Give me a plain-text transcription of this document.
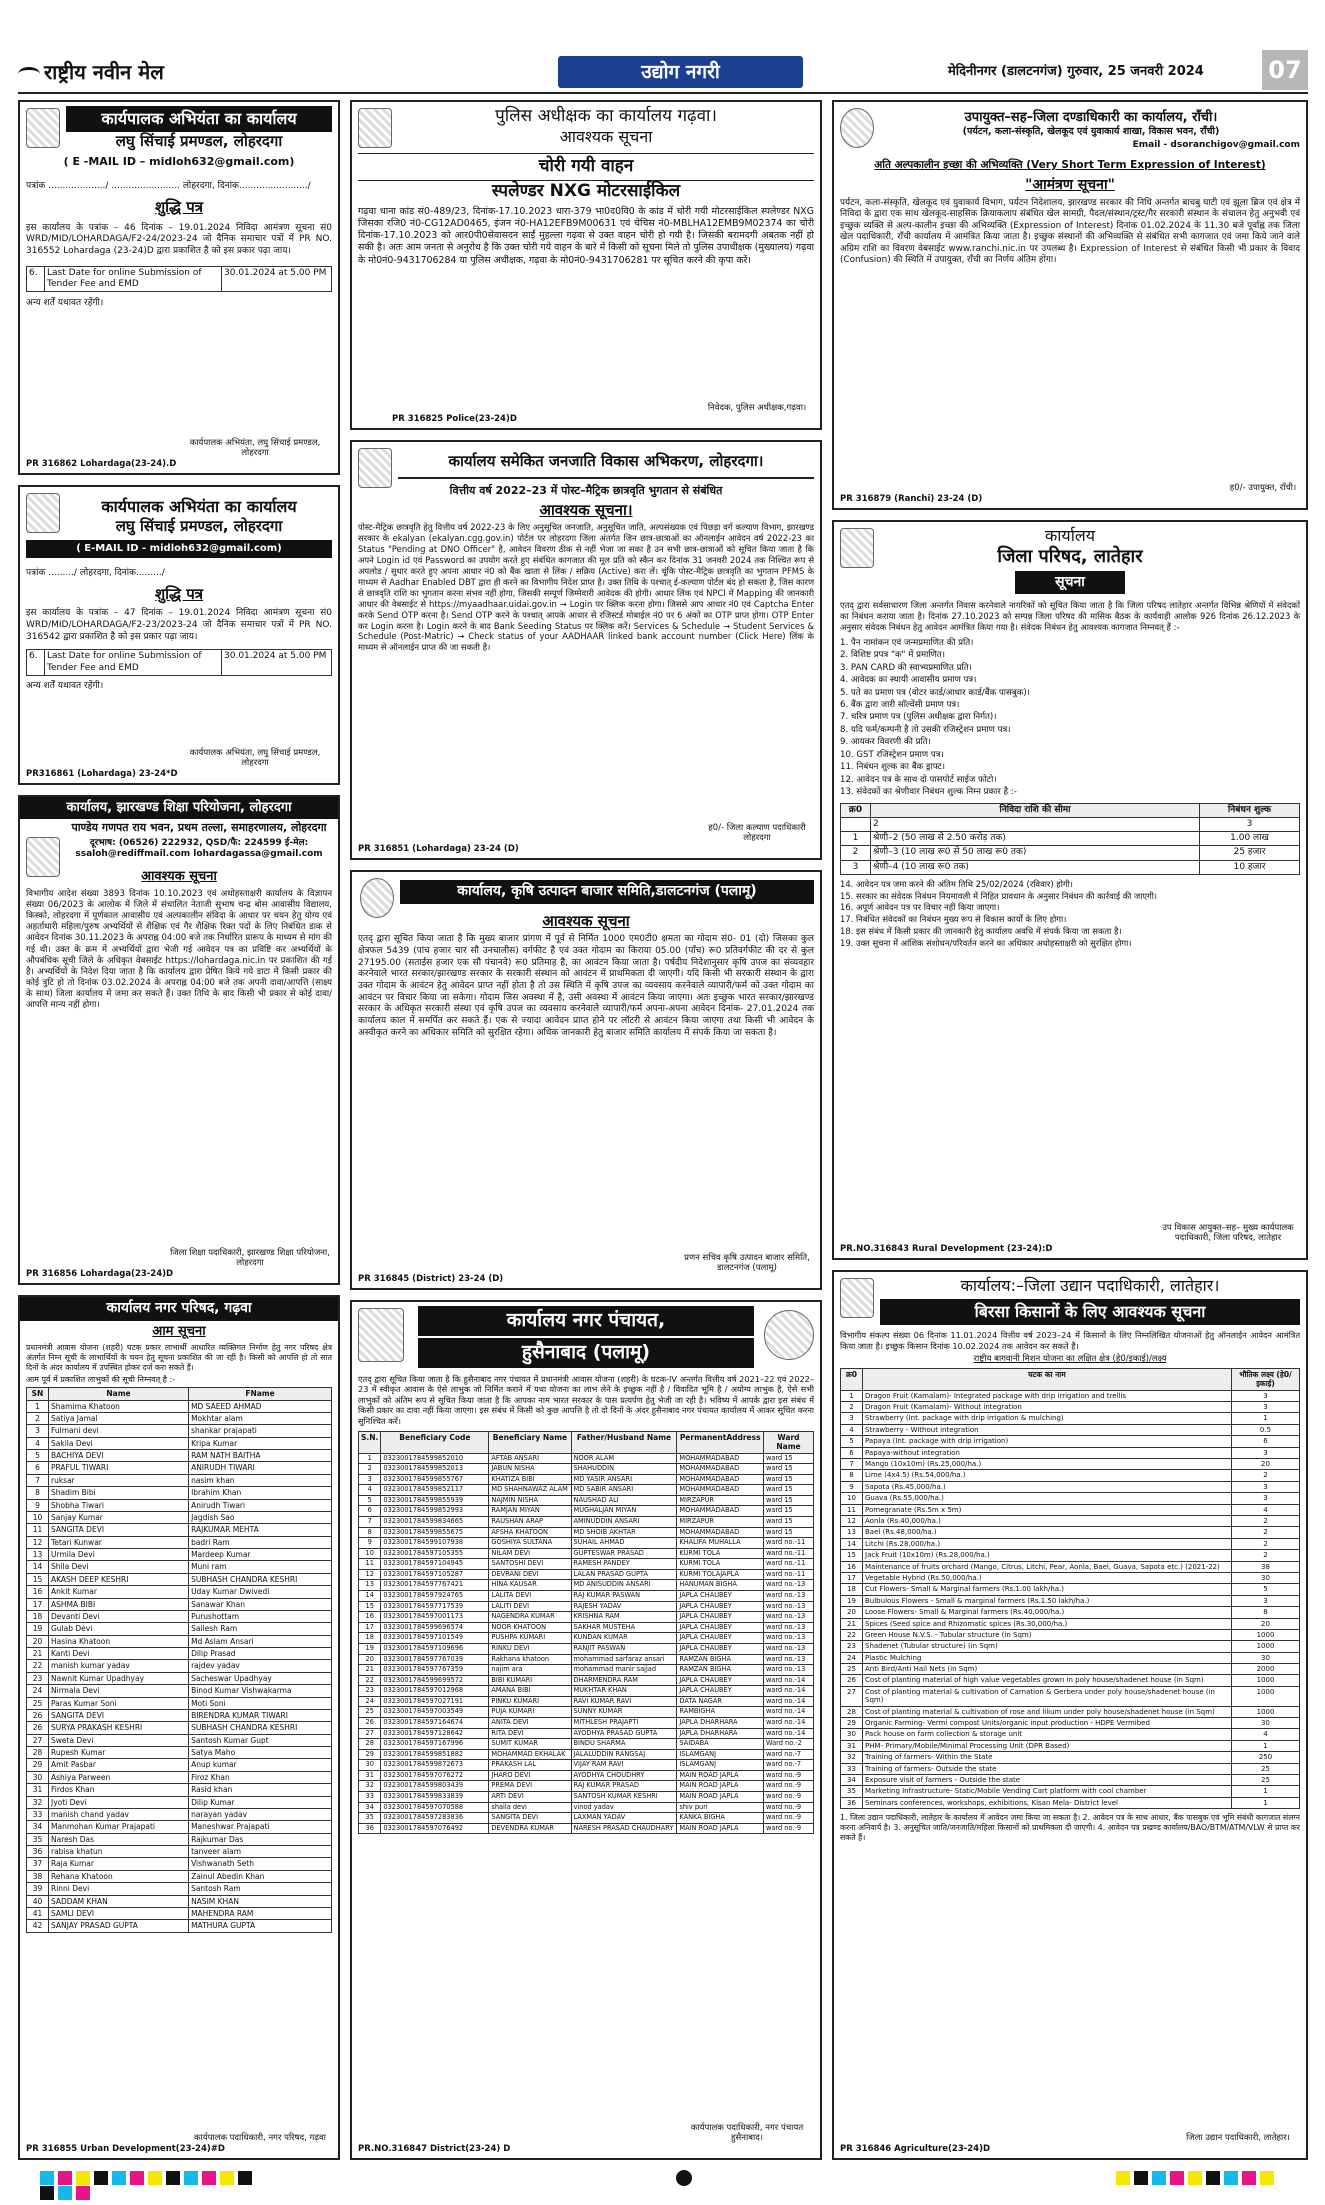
राष्ट्रीय नवीन मेल	उद्योग नगरी	मेदिनीनगर (डालटनगंज) गुरुवार, 25 जनवरी 2024	07
कार्यपालक अभियंता का कार्यालय
लघु सिंचाई प्रमण्डल, लोहरदगा
( E -MAIL ID – midloh632@gmail.com)
पत्रांक ..................../ ........................ लोहरदगा, दिनांक......................../
शुद्धि पत्र
इस कार्यालय के पत्रांक – 46 दिनांक – 19.01.2024 निविदा आमंत्रण सूचना सं0 WRD/MID/LOHARDAGA/F2-24/2023-24 जो दैनिक समाचार पत्रों में PR NO. 316552 Lohardaga (23-24)D द्वारा प्रकाशित है को इस प्रकार पढ़ा जाय।
6.	Last Date for online Submission of Tender Fee and EMD	30.01.2024 at 5.00 PM
अन्य शर्तें यथावत रहेंगी।
कार्यपालक अभियंता, लघु सिंचाई प्रमण्डल, लोहरदगा
PR 316862 Lohardaga(23-24).D
कार्यपालक अभियंता का कार्यालय
लघु सिंचाई प्रमण्डल, लोहरदगा
( E-MAIL ID - midloh632@gmail.com)
पत्रांक ........./ लोहरदगा, दिनांक........./
शुद्धि पत्र
इस कार्यालय के पत्रांक – 47 दिनांक – 19.01.2024 निविदा आमंत्रण सूचना सं0 WRD/MID/LOHARDAGA/F2-23/2023-24 जो दैनिक समाचार पत्रों में PR NO. 316542 द्वारा प्रकाशित है को इस प्रकार पढ़ा जाय।
6.	Last Date for online Submission of Tender Fee and EMD	30.01.2024 at 5.00 PM
अन्य शर्तें यथावत रहेंगी।
कार्यपालक अभियंता, लघु सिंचाई प्रमण्डल, लोहरदगा
PR316861 (Lohardaga) 23-24*D
कार्यालय, झारखण्ड शिक्षा परियोजना, लोहरदगा
पाण्डेय गणपत राय भवन, प्रथम तल्ला, समाहरणालय, लोहरदगा
दूरभाष: (06526) 222932, QSD/फै: 224599 ई-मेल: ssaloh@rediffmail.com lohardagassa@gmail.com
आवश्यक सूचना
विभागीय आदेश संख्या 3893 दिनांक 10.10.2023 एवं अधोहस्ताक्षरी कार्यालय के विज्ञापन संख्या 06/2023 के आलोक में जिले में संचालित नेताजी सुभाष चन्द्र बोस आवासीय विद्यालय, किस्को, लोहरदगा में पूर्णकाल आवासीय एवं अल्पकालीन संविदा के आधार पर चयन हेतु योग्य एवं अहर्ताधारी महिला/पुरुष अभ्यर्थियों से शैक्षिक एवं गैर शैक्षिक रिक्त पदों के लिए निबंधित डाक से आवेदन दिनांक 30.11.2023 के अपराह्न 04:00 बजे तक निर्धारित प्रारूप के माध्यम से मांग की गई थी। उक्त के क्रम में अभ्यर्थियों द्वारा भेजी गई आवेदन पत्र का प्रविष्टि कर अभ्यर्थियों के औपबंधिक सूची जिले के अधिकृत वेबसाईट https://lohardaga.nic.in पर प्रकाशित की गई है। अभ्यर्थियों के निदेश दिया जाता है कि कार्यालय द्वारा प्रेषित किये गये डाटा में किसी प्रकार की कोई त्रुटि हो तो दिनांक 03.02.2024 के अपराह्न 04:00 बजे तक अपनी दावा/आपत्ति (साक्ष्य के साथ) जिला कार्यालय में जमा कर सकते हैं। उक्त तिथि के बाद किसी भी प्रकार से कोई दावा/आपत्ति मान्य नहीं होगा।
जिला शिक्षा पदाधिकारी, झारखण्ड शिक्षा परियोजना, लोहरदगा
PR 316856 Lohardaga(23-24)D
कार्यालय नगर परिषद, गढ़वा
आम सूचना
प्रधानमंत्री आवास योजना (शहरी) घटक प्रकार लाभार्थी आधारित व्यक्तिगत निर्माण हेतु नगर परिषद क्षेत्र अंतर्गत निम्न सूची के लाभार्थियों के चयन हेतु सूचना प्रकाशित की जा रही है। किसी को आपत्ति हो तो सात दिनों के अंदर कार्यालय में उपस्थित होकर दर्ज करा सकते हैं।
आम पूर्व में प्रकाशित लाभुकों की सूची निम्नवत् है :-
SN	Name	FName
1	Shamima Khatoon	MD SAEED AHMAD
2	Satiya Jamal	Mokhtar alam
3	Fulmani devi	shankar prajapati
4	Sakila Devi	Kripa Kumar
5	BACHIYA DEVI	RAM NATH BAITHA
6	PRAFUL TIWARI	ANIRUDH TIWARI
7	ruksar	nasim khan
8	Shadim Bibi	Ibrahim Khan
9	Shobha Tiwari	Anirudh Tiwari
10	Sanjay Kumar	Jagdish Sao
11	SANGITA DEVI	RAJKUMAR MEHTA
12	Tetari Kunwar	badri Ram
13	Urmila Devi	Mardeep Kumar
14	Shila Devi	Muni ram
15	AKASH DEEP KESHRI	SUBHASH CHANDRA KESHRI
16	Ankit Kumar	Uday Kumar Dwivedi
17	ASHMA BIBI	Sanawar Khan
18	Devanti Devi	Purushottam
19	Gulab Devi	Sailesh Ram
20	Hasina Khatoon	Md Aslam Ansari
21	Kanti Devi	Dilip Prasad
22	manish kumar yadav	rajdev yadav
23	Nawnit Kumar Upadhyay	Sacheswar Upadhyay
24	Nirmala Devi	Binod Kumar Vishwakarma
25	Paras Kumar Soni	Moti Soni
26	SANGITA DEVI	BIRENDRA KUMAR TIWARI
26	SURYA PRAKASH KESHRI	SUBHASH CHANDRA KESHRI
27	Sweta Devi	Santosh Kumar Gupt
28	Rupesh Kumar	Satya Maho
29	Amit Pasbar	Anup kumar
30	Ashiya Parween	Firoz Khan
31	Firdos Khan	Rasid khan
32	Jyoti Devi	Dilip Kumar
33	manish chand yadav	narayan yadav
34	Manmohan Kumar Prajapati	Maneshwar Prajapati
35	Naresh Das	Rajkumar Das
36	rabisa khatun	tanveer alam
37	Raja Kumar	Vishwanath Seth
38	Rehana Khatoon	Zainul Abedin Khan
39	Rinni Devi	Santosh Ram
40	SADDAM KHAN	NASIM KHAN
41	SAMLI DEVI	MAHENDRA RAM
42	SANJAY PRASAD GUPTA	MATHURA GUPTA
कार्यपालक पदाधिकारी, नगर परिषद, गढ़वा
PR 316855 Urban Development(23-24)#D
पुलिस अधीक्षक का कार्यालय गढ़वा।
आवश्यक सूचना
चोरी गयी वाहन
स्पलेण्डर NXG मोटरसाईकिल
गढ़वा थाना कांड सं0-489/23, दिनांक-17.10.2023 धारा-379 भा0द0वि0 के कांड में चोरी गयी मोटरसाईकिल स्पलेण्डर NXG जिसका रजि0 नं0-CG12AD0465, इंजन नं0-HA12EFB9M00631 एवं चेचिस नं0-MBLHA12EMB9M02374 का चोरी दिनांक-17.10.2023 को आर0पी0सेवासदन साईं मुहल्ला गढ़वा से उक्त वाहन चोरी हो गयी है। जिसकी बरामदगी अबतक नहीं हो सकी है। अतः आम जनता से अनुरोध है कि उक्त चोरी गये वाहन के बारे में किसी को सूचना मिले तो पुलिस उपाधीक्षक (मुख्यालय) गढ़वा के मो0नं0-9431706284 या पुलिस अधीक्षक, गढ़वा के मो0नं0-9431706281 पर सूचित करने की कृपा करें।
निवेदक, पुलिस अधीक्षक,गढ़वा।
PR 316825 Police(23-24)D
कार्यालय समेकित जनजाति विकास अभिकरण, लोहरदगा।
वित्तीय वर्ष 2022–23 में पोस्ट–मैट्रिक छात्रवृति भुगतान से संबंधित
आवश्यक सूचना।
पोस्ट-मैट्रिक छात्रवृति हेतु वित्तीय वर्ष 2022-23 के लिए अनुसूचित जनजाति, अनुसूचित जाति, अल्पसंख्यक एवं पिछड़ा वर्ग कल्याण विभाग, झारखण्ड सरकार के ekalyan (ekalyan.cgg.gov.in) पोर्टल पर लोहरदगा जिला अंतर्गत जिन छात्र-छात्राओं का ऑनलाईन आवेदन वर्ष 2022-23 का Status "Pending at DNO Officer" है, आवेदन विवरण ठीक से नहीं भेजा जा सका है उन सभी छात्र-छात्राओं को सूचित किया जाता है कि अपने Login id एवं Password का उपयोग करते हुए संबंधित कागजात की मूल प्रति को स्कैन कर दिनांक 31 जनवरी 2024 तक निश्चित रूप से अपलोड / सुधार करते हुए अपना आधार नं0 को बैंक खाता से लिंक / सक्रिय (Active) करा लें। चूंकि पोस्ट-मैट्रिक छात्रवृति का भुगतान PFMS के माध्यम से Aadhar Enabled DBT द्वारा ही करने का विभागीय निदेश प्राप्त है। उक्त तिथि के पश्चात् ई-कल्याण पोर्टल बंद हो सकता है, जिस कारण से छात्रवृति राशि का भुगतान करना संभव नहीं होगा, जिसकी सम्पूर्ण जिम्मेवारी आवेदक की होगी। आधार लिंक एवं NPCI में Mapping की जानकारी आधार की वेबसाईट से https://myaadhaar.uidai.gov.in → Login पर क्लिक करना होगा। जिससे आप आधार नं0 एवं Captcha Enter करके Send OTP करना है। Send OTP करने के पश्चात् आपके आधार से रजिस्टर्ड मोबाईल नं0 पर 6 अंकों का OTP प्राप्त होगा। OTP Enter कर Login करना है। Login करने के बाद Bank Seeding Status पर क्लिक करें। Services & Schedule → Student Services & Schedule (Post-Matric) → Check status of your AADHAAR linked bank account number (Click Here) लिंक के माध्यम से ऑनलाईन प्राप्त की जा सकती है।
ह0/- जिला कल्याण पदाधिकारी लोहरदगा
PR 316851 (Lohardaga) 23-24 (D)
कार्यालय, कृषि उत्पादन बाजार समिति,डालटनगंज (पलामू)
आवश्यक सूचना
एतद् द्वारा सूचित किया जाता है कि मुख्य बाजार प्रांगण में पूर्व से निर्मित 1000 एम0टी0 क्षमता का गोदाम सं0- 01 (दो) जिसका कुल क्षेत्रफल 5439 (पांच हजार चार सौ उनचालीस) वर्गफीट है एवं उक्त गोदाम का किराया 05.00 (पाँच) रू0 प्रतिवर्गफीट की दर से कुल 27195.00 (सताईस हजार एक सौ पंचानवे) रू0 प्रतिमाह है, का आवंटन किया जाता है। पर्षदीय निदेशानुसार कृषि उपज का संव्यवहार करनेवाले भारत सरकार/झारखण्ड सरकार के सरकारी संस्थान को आवंटन में प्राथमिकता दी जाएगी। यदि किसी भी सरकारी संस्थान के द्वारा उक्त गोदाम के आवंटन हेतु आवेदन प्राप्त नहीं होता है तो उस स्थिति में कृषि उपज का व्यवसाय करनेवाले व्यापारी/फर्म को उक्त गोदाम का आवंटन पर विचार किया जा सकेगा। गोदाम जिस अवस्था में है, उसी अवस्था में आवंटन किया जाएगा। अतः इच्छुक भारत सरकार/झारखण्ड सरकार के अधिकृत सरकारी संस्था एवं कृषि उपज का व्यवसाय करनेवाले व्यापारी/फर्म अपना-अपना आवेदन दिनांक- 27.01.2024 तक कार्यालय काल में समर्पित कर सकते हैं। एक से ज्यादा आवेदन प्राप्त होने पर लॉटरी से आवंटन किया जाएगा तथा किसी भी आवेदन के अस्वीकृत करने का अधिकार समिति को सुरक्षित रहेगा। अधिक जानकारी हेतु बाजार समिति कार्यालय में संपर्क किया जा सकता है।
प्रणन सचिव कृषि उत्पादन बाजार समिति, डालटनगंज (पलामू)
PR 316845 (District) 23-24 (D)
कार्यालय नगर पंचायत,
हुसैनाबाद (पलामू)
एतद् द्वारा सूचित किया जाता है कि हुसैनाबाद नगर पंचायत में प्रधानमंत्री आवास योजना (शहरी) के घटक-IV अन्तर्गत वित्तीय वर्ष 2021–22 एवं 2022–23 में स्वीकृत आवास के ऐसे लाभुक जो निर्मित कराने में यथा योजना का लाभ लेने के इच्छुक नहीं है / विवादित भूमि है / अयोग्य लाभुक है, ऐसे सभी लाभुकों को अंतिम रूप से सूचित किया जाता है कि आपका नाम भारत सरकार के पास प्रत्यर्पण हेतु भेजी जा रही है। भविष्य में आपके द्वारा इस संबंध में किसी प्रकार का दावा नहीं किया जाएगा। इस संबंध में किसी को कुछ आपत्ति है तो दो दिनों के अंदर हुसैनाबाद नगर पंचायत कार्यालय में आकर सूचित करना सुनिश्चित करें।
S.N.	Beneficiary Code	Beneficiary Name	Father/Husband Name	PermanentAddress	Ward Name
1	0323001784599852010	AFTAB ANSARI	NOOR ALAM	MOHAMMADABAD	ward 15
2	0323001784599852013	JABUN NISHA	SHAHUDDIN	MOHAMMADABAD	ward 15
3	0323001784599855767	KHATIZA BIBI	MD YASIR ANSARI	MOHAMMADABAD	ward 15
4	0323001784599852117	MD SHAHNAWAZ ALAM	MD SABIR ANSARI	MOHAMMADABAD	ward 15
5	0323001784599855939	NAJMIN NISHA	NAUSHAD ALI	MIRZAPUR	ward 15
6	0323001784599852993	RAMJAN MIYAN	MUGHALJAN MIYAN	MOHAMMADABAD	ward 15
7	0323001784599834665	RAUSHAN ARAP	AMINUDDIN ANSARI	MIRZAPUR	ward 15
8	0323001784599855675	AFSHA KHATOON	MD SHOIB AKHTAR	MOHAMMADABAD	ward 15
9	0323001784599107938	GOSHIYA SULTANA	SUHAIL AHMAD	KHALIFA MUHALLA	ward no.-11
10	0323001784597105355	NILAM DEVI	GUPTESWAR PRASAD	KURMI TOLA	ward no.-11
11	0323001784597104945	SANTOSHI DEVI	RAMESH PANDEY	KURMI TOLA	ward no.-11
12	0323001784597105287	DEVRANI DEVI	LALAN PRASAD GUPTA	KURMI TOLAJAPLA	ward no.-11
13	0323001784597767421	HINA KAUSAR	MD ANISUDDIN ANSARI	HANUMAN BIGHA	ward no.-13
14	0323001784597924765	LALITA DEVI	RAJ KUMAR PASWAN	JAPLA CHAUBEY	ward no.-13
15	0323001784597717539	LALITI DEVI	RAJESH YADAV	JAPLA CHAUBEY	ward no.-13
16	0323001784597001173	NAGENDRA KUMAR	KRISHNA RAM	JAPLA CHAUBEY	ward no.-13
17	0323001784599696574	NOOR KHATOON	SAKHAR MUSTEHA	JAPLA CHAUBEY	ward no.-13
18	0323001784597101549	PUSHPA KUMARI	KUNDAN KUMAR	JAPLA CHAUBEY	ward no.-13
19	0323001784597109696	RINKU DEVI	RANJIT PASWAN	JAPLA CHAUBEY	ward no.-13
20	0323001784597767039	Rakhana khatoon	mohammad sarfaraz ansari	RAMZAN BIGHA	ward no.-13
21	0323001784597767359	najim ara	mohammad manir sajjad	RAMZAN BIGHA	ward no.-13
22	0323001784599699572	BIBI KUMARI	DHARMENDRA RAM	JAPLA CHAUBEY	ward no.-14
23	0323001784597012968	AMANA BIBI	MUKHTAR KHAN	JAPLA CHAUBEY	ward no.-14
24	0323001784597027191	PINKU KUMARI	RAVI KUMAR RAVI	DATA NAGAR	ward no.-14
25	0323001784597003549	PUJA KUMARI	SUNNY KUMAR	RAMBIGHA	ward no.-14
26	0323001784597164674	ANITA DEVI	MITHLESH PRAJAPTI	JAPLA DHARHARA	ward no.-14
27	0323001784597128642	RITA DEVI	AYODHYA PRASAD GUPTA	JAPLA DHARHARA	ward no.-14
28	0323001784597167996	SUMIT KUMAR	BINDU SHARMA	SAIDABA	Ward no.-2
29	0323001784599851882	MOHAMMAD EKHALAK	JALALUDDIN RANGSAJ	ISLAMGANJ	ward no.-7
30	0323001784599872673	PRAKASH LAL	VIJAY RAM RAVI	ISLAMGANJ	ward no.-7
31	0323001784597076272	JHARO DEVI	AYODHYA CHOUDHRY	MAIN ROAD JAPLA	ward no.-9
32	0323001784599803439	PREMA DEVI	RAJ KUMAR PRASAD	MAIN ROAD JAPLA	ward no.-9
33	0323001784599833839	ARTI DEVI	SANTOSH KUMAR KESHRI	MAIN ROAD JAPLA	ward no.-9
34	0323001784597070588	shaila devi	vinod yadav	shiv puri	ward no.-9
35	0323001784597283836	SANGITA DEVI	LAXMAN YADAV	KANKA BIGHA	ward no.-9
36	0323001784597076492	DEVENDRA KUMAR	NARESH PRASAD CHAUDHARY	MAIN ROAD JAPLA	ward no.-9
कार्यपालक पदाधिकारी, नगर पंचायत हुसैनाबाद।
PR.NO.316847 District(23-24) D
उपायुक्त–सह–जिला दण्डाधिकारी का कार्यालय, राँची।
(पर्यटन, कला-संस्कृति, खेलकूद एवं युवाकार्य शाखा, विकास भवन, राँची)
Email - dsoranchigov@gmail.com
अति अल्पकालीन इच्छा की अभिव्यक्ति (Very Short Term Expression of Interest)
"आमंत्रण सूचना"
पर्यटन, कला-संस्कृति, खेलकूद एवं युवाकार्य विभाग, पर्यटन निदेशालय, झारखण्ड सरकार की निधि अन्तर्गत बाचबु घाटी एवं झूला ब्रिज एवं क्षेत्र में निविदा के द्वारा एक साथ खेलकूद-साहसिक क्रियाकलाप संबंधित खेल सामग्री, पैदल/संस्थान/ट्रस्ट/गैर सरकारी संस्थान के संचालन हेतु अनुभवी एवं इच्छुक व्यक्ति से अल्प-कालीन इच्छा की अभिव्यक्ति (Expression of Interest) दिनांक 01.02.2024 के 11.30 बजे पूर्वाह्न तक जिला खेल पदाधिकारी, राँची कार्यालय में आमंत्रित किया जाता है। इच्छुक संस्थानों की अभिव्यक्ति से संबंधित सभी कागजात एवं जमा किये जाने वाले अग्रिम राशि का विवरण वेबसाईट www.ranchi.nic.in पर उपलब्ध है। Expression of Interest से संबंधित किसी भी प्रकार के विवाद (Confusion) की स्थिति में उपायुक्त, राँची का निर्णय अंतिम होगा।
ह0/- उपायुक्त, राँची।
PR 316879 (Ranchi) 23-24 (D)
कार्यालय
जिला परिषद, लातेहार
सूचना
एतद् द्वारा सर्वसाधारण जिला अन्तर्गत निवास करनेवाले नागरिकों को सूचित किया जाता है कि जिला परिषद लातेहार अन्तर्गत विभिन्न श्रेणियों में संवेदकों का निबंधन कराया जाता है। दिनांक 27.10.2023 को सम्पन्न जिला परिषद की मासिक बैठक के कार्यवाही आलोक 926 दिनांक 26.12.2023 के अनुसार संवेदक निबंधन हेतु आवेदन आमंत्रित किया गया है। संवेदक निबंधन हेतु आवश्यक कागजात निम्नवत् हैं :-
1. पैन नामांकन एवं जन्मप्रमाणित की प्रति।
2. विशिष्ट प्रपत्र "क" में प्रमाणित।
3. PAN CARD की स्वाभ्यप्रमाणित प्रति।
4. आवेदक का स्थायी आवासीय प्रमाण पत्र।
5. पते का प्रमाण पत्र (वोटर कार्ड/आधार कार्ड/बैंक पासबुक)।
6. बैंक द्वारा जारी सॉल्वेंसी प्रमाण पत्र।
7. चरित्र प्रमाण पत्र (पुलिस अधीक्षक द्वारा निर्गत)।
8. यदि फर्म/कम्पनी है तो उसकी रजिस्ट्रेशन प्रमाण पत्र।
9. आयकर विवरणी की प्रति।
10. GST रजिस्ट्रेशन प्रमाण पत्र।
11. निबंधन शुल्क का बैंक ड्राफ्ट।
12. आवेदन पत्र के साथ दो पासपोर्ट साईज फोटो।
13. संवेदकों का श्रेणीवार निबंधन शुल्क निम्न प्रकार है :-
क्र0	निविदा राशि की सीमा	निबंधन शुल्क
	2	3
1	श्रेणी–2 (50 लाख से 2.50 करोड़ तक)	1.00 लाख
2	श्रेणी–3 (10 लाख रू0 से 50 लाख रू0 तक)	25 हजार
3	श्रेणी–4 (10 लाख रू0 तक)	10 हजार
14. आवेदन पत्र जमा करने की अंतिम तिथि 25/02/2024 (रविवार) होगी।
15. सरकार का संवेदक निबंधन नियमावली में निहित प्रावधान के अनुसार निबंधन की कार्रवाई की जाएगी।
16. अपूर्ण आवेदन पत्र पर विचार नहीं किया जाएगा।
17. निबंधित संवेदकों का निबंधन मुख्य रूप से विकास कार्यों के लिए होगा।
18. इस संबंध में किसी प्रकार की जानकारी हेतु कार्यालय अवधि में संपर्क किया जा सकता है।
19. उक्त सूचना में आंशिक संशोधन/परिवर्तन करने का अधिकार अधोहस्ताक्षरी को सुरक्षित होगा।
उप विकास आयुक्त–सह– मुख्य कार्यपालक पदाधिकारी, जिला परिषद, लातेहार
PR.NO.316843 Rural Development (23-24):D
कार्यालय:–जिला उद्यान पदाधिकारी, लातेहार।
बिरसा किसानों के लिए आवश्यक सूचना
विभागीय संकल्प संख्या 06 दिनांक 11.01.2024 वित्तीय वर्ष 2023–24 में किसानों के लिए निम्नलिखित योजनाओं हेतु ऑनलाईन आवेदन आमंत्रित किया जाता है। इच्छुक किसान दिनांक 10.02.2024 तक आवेदन कर सकते हैं।
राष्ट्रीय बागवानी मिशन योजना का लक्षित क्षेत्र (हे0/इकाई)/लक्ष्य
क्र0	घटक का नाम	भौतिक लक्ष्य (हे0/इकाई)
1	Dragon Fruit (Kamalam)- Integrated package with drip irrigation and trellis	3
2	Dragon Fruit (Kamalam)- Without integration	3
3	Strawberry (Int. package with drip irrigation & mulching)	1
4	Strawberry - Without integration	0.5
5	Papaya (Int. package with drip irrigation)	6
6	Papaya-without integration	3
7	Mango (10x10m) (Rs.25,000/ha.)	20
8	Lime (4x4.5) (Rs.54,000/ha.)	2
9	Sapota (Rs.45,000/ha.)	3
10	Guava (Rs.55,000/ha.)	3
11	Pomegranate (Rs.5m x 5m)	4
12	Aonla (Rs.40,000/ha.)	2
13	Bael (Rs.48,000/ha.)	2
14	Litchi (Rs.28,000/ha.)	2
15	Jack Fruit (10x10m) (Rs.28,000/ha.)	2
16	Maintenance of fruits orchard (Mango, Citrus, Litchi, Pear, Aonla, Bael, Guava, Sapota etc.) (2021-22)	38
17	Vegetable Hybrid (Rs.50,000/ha.)	30
18	Cut Flowers- Small & Marginal farmers (Rs.1.00 lakh/ha.)	5
19	Bulbulous Flowers - Small & marginal farmers (Rs.1.50 lakh/ha.)	3
20	Loose Flowers- Small & Marginal farmers (Rs.40,000/ha.)	8
21	Spices (Seed spice and Rhizomatic spices (Rs.30,000/ha.)	20
22	Green House N.V.S. - Tubular structure (in Sqm)	1000
23	Shadenet (Tubular structure) (in Sqm)	1000
24	Plastic Mulching	30
25	Anti Bird/Anti Hail Nets (in Sqm)	2000
26	Cost of planting material of high value vegetables grown in poly house/shadenet house (in Sqm)	1000
27	Cost of planting material & cultivation of Carnation & Gerbera under poly house/shadenet house (in Sqm)	1000
28	Cost of planting material & cultivation of rose and lilium under poly house/shadenet house (in Sqm)	1000
29	Organic Farming- Vermi compost Units/organic input production - HDPE Vermibed	30
30	Pack house on farm collection & storage unit	4
31	PHM- Primary/Mobile/Minimal Processing Unit (DPR Based)	1
32	Training of farmers- Within the State	250
33	Training of farmers- Outside the state	25
34	Exposure visit of farmers - Outside the state	25
35	Marketing Infrastructure- Static/Mobile Vending Cart platform with cool chamber	1
36	Seminars conferences, workshops, exhibitions, Kisan Mela- District level	1
1. जिला उद्यान पदाधिकारी, लातेहार के कार्यालय में आवेदन जमा किया जा सकता है। 2. आवेदन पत्र के साथ आधार, बैंक पासबुक एवं भूमि संबंधी कागजात संलग्न करना अनिवार्य है। 3. अनुसूचित जाति/जनजाति/महिला किसानों को प्राथमिकता दी जाएगी। 4. आवेदन पत्र प्रखण्ड कार्यालय/BAO/BTM/ATM/VLW से प्राप्त कर सकते हैं।
जिला उद्यान पदाधिकारी, लातेहार।
PR 316846 Agriculture(23-24)D
